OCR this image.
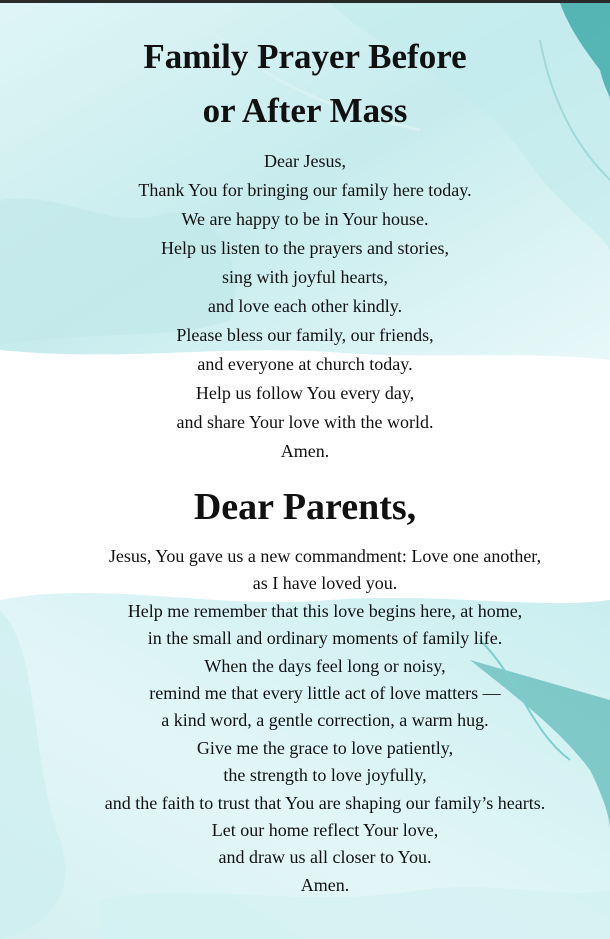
Family Prayer Before
or After Mass
Dear Jesus,
Thank You for bringing our family here today.
We are happy to be in Your house.
Help us listen to the prayers and stories,
sing with joyful hearts,
and love each other kindly.
Please bless our family, our friends,
and everyone at church today.
Help us follow You every day,
and share Your love with the world.
Amen.
Dear Parents,
Jesus, You gave us a new commandment: Love one another,
as I have loved you.
Help me remember that this love begins here, at home,
in the small and ordinary moments of family life.
When the days feel long or noisy,
remind me that every little act of love matters —
a kind word, a gentle correction, a warm hug.
Give me the grace to love patiently,
the strength to love joyfully,
and the faith to trust that You are shaping our family’s hearts.
Let our home reflect Your love,
and draw us all closer to You.
Amen.
